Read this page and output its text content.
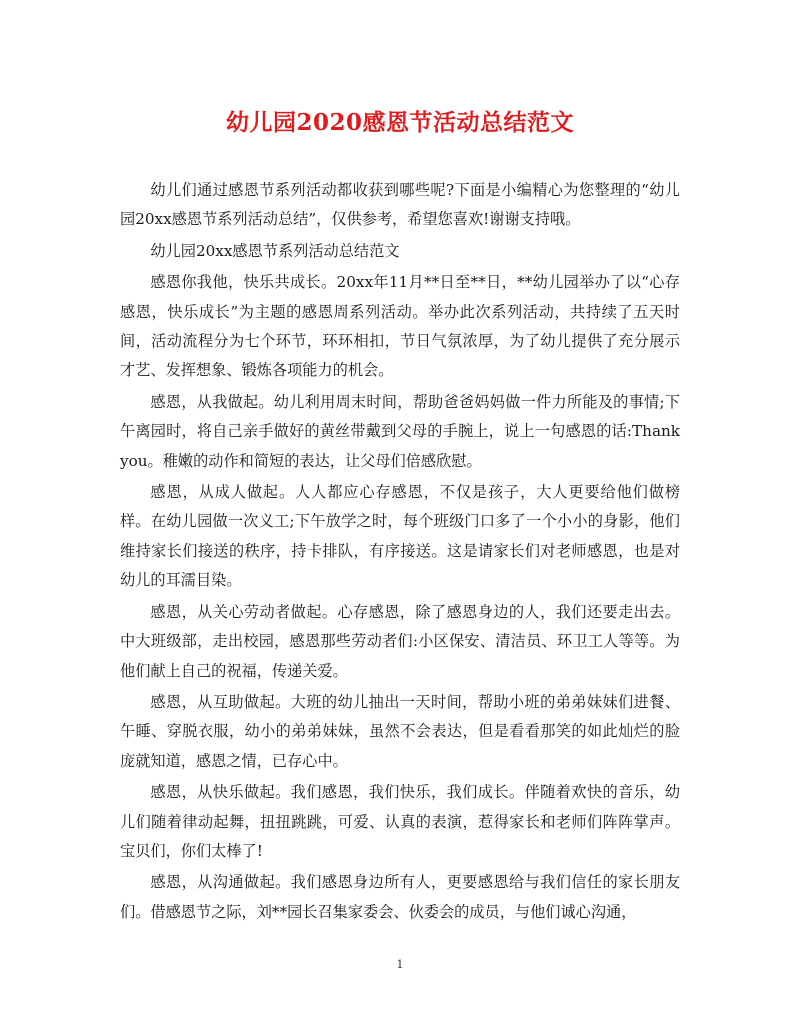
幼儿园2020感恩节活动总结范文

幼儿们通过感恩节系列活动都收获到哪些呢?下面是小编精心为您整理的“幼儿园20xx感恩节系列活动总结”，仅供参考，希望您喜欢!谢谢支持哦。

幼儿园20xx感恩节系列活动总结范文

感恩你我他，快乐共成长。20xx年11月**日至**日，**幼儿园举办了以“心存感恩，快乐成长”为主题的感恩周系列活动。举办此次系列活动，共持续了五天时间，活动流程分为七个环节，环环相扣，节日气氛浓厚，为了幼儿提供了充分展示才艺、发挥想象、锻炼各项能力的机会。

感恩，从我做起。幼儿利用周末时间，帮助爸爸妈妈做一件力所能及的事情;下午离园时，将自己亲手做好的黄丝带戴到父母的手腕上，说上一句感恩的话:Thank you。稚嫩的动作和简短的表达，让父母们倍感欣慰。

感恩，从成人做起。人人都应心存感恩，不仅是孩子，大人更要给他们做榜样。在幼儿园做一次义工;下午放学之时，每个班级门口多了一个小小的身影，他们维持家长们接送的秩序，持卡排队，有序接送。这是请家长们对老师感恩，也是对幼儿的耳濡目染。

感恩，从关心劳动者做起。心存感恩，除了感恩身边的人，我们还要走出去。中大班级部，走出校园，感恩那些劳动者们:小区保安、清洁员、环卫工人等等。为他们献上自己的祝福，传递关爱。

感恩，从互助做起。大班的幼儿抽出一天时间，帮助小班的弟弟妹妹们进餐、午睡、穿脱衣服，幼小的弟弟妹妹，虽然不会表达，但是看看那笑的如此灿烂的脸庞就知道，感恩之情，已存心中。

感恩，从快乐做起。我们感恩，我们快乐，我们成长。伴随着欢快的音乐，幼儿们随着律动起舞，扭扭跳跳，可爱、认真的表演，惹得家长和老师们阵阵掌声。宝贝们，你们太棒了!

感恩，从沟通做起。我们感恩身边所有人，更要感恩给与我们信任的家长朋友们。借感恩节之际，刘**园长召集家委会、伙委会的成员，与他们诚心沟通，

1
